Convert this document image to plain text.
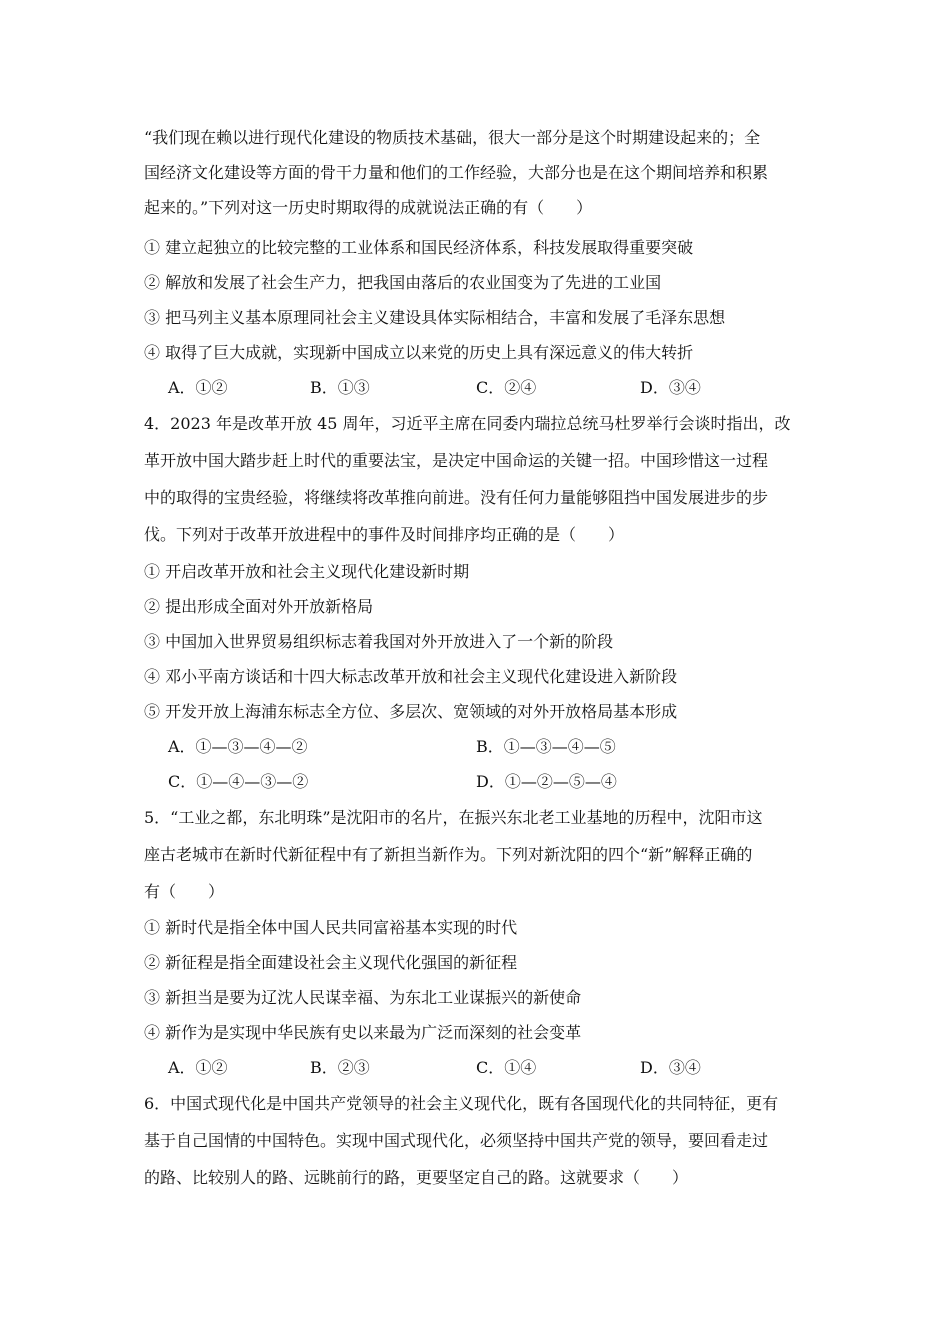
“我们现在赖以进行现代化建设的物质技术基础，很大一部分是这个时期建设起来的；全
国经济文化建设等方面的骨干力量和他们的工作经验，大部分也是在这个期间培养和积累
起来的。”下列对这一历史时期取得的成就说法正确的有（　　）
① 建立起独立的比较完整的工业体系和国民经济体系，科技发展取得重要突破
② 解放和发展了社会生产力，把我国由落后的农业国变为了先进的工业国
③ 把马列主义基本原理同社会主义建设具体实际相结合，丰富和发展了毛泽东思想
④ 取得了巨大成就，实现新中国成立以来党的历史上具有深远意义的伟大转折
A．①②	B．①③	C．②④	D．③④
4．2023 年是改革开放 45 周年，习近平主席在同委内瑞拉总统马杜罗举行会谈时指出，改
革开放中国大踏步赶上时代的重要法宝，是决定中国命运的关键一招。中国珍惜这一过程
中的取得的宝贵经验，将继续将改革推向前进。没有任何力量能够阻挡中国发展进步的步
伐。下列对于改革开放进程中的事件及时间排序均正确的是（　　）
① 开启改革开放和社会主义现代化建设新时期
② 提出形成全面对外开放新格局
③ 中国加入世界贸易组织标志着我国对外开放进入了一个新的阶段
④ 邓小平南方谈话和十四大标志改革开放和社会主义现代化建设进入新阶段
⑤ 开发开放上海浦东标志全方位、多层次、宽领域的对外开放格局基本形成
A．①—③—④—②	B．①—③—④—⑤
C．①—④—③—②	D．①—②—⑤—④
5．“工业之都，东北明珠”是沈阳市的名片，在振兴东北老工业基地的历程中，沈阳市这
座古老城市在新时代新征程中有了新担当新作为。下列对新沈阳的四个“新”解释正确的
有（　　）
① 新时代是指全体中国人民共同富裕基本实现的时代
② 新征程是指全面建设社会主义现代化强国的新征程
③ 新担当是要为辽沈人民谋幸福、为东北工业谋振兴的新使命
④ 新作为是实现中华民族有史以来最为广泛而深刻的社会变革
A．①②	B．②③	C．①④	D．③④
6．中国式现代化是中国共产党领导的社会主义现代化，既有各国现代化的共同特征，更有
基于自己国情的中国特色。实现中国式现代化，必须坚持中国共产党的领导，要回看走过
的路、比较别人的路、远眺前行的路，更要坚定自己的路。这就要求（　　）
